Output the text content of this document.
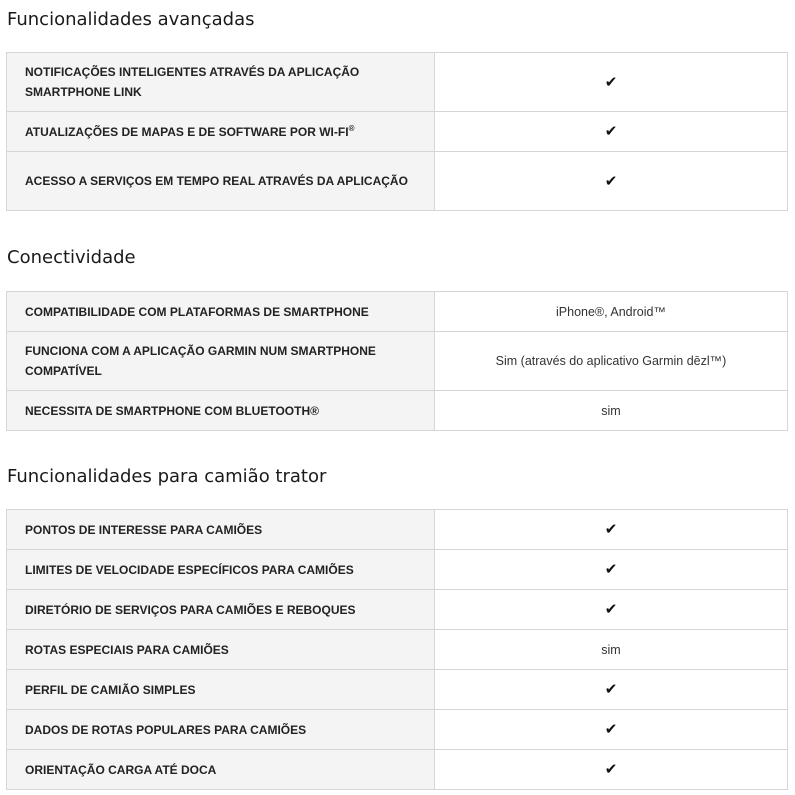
Funcionalidades avançadas
NOTIFICAÇÕES INTELIGENTES ATRAVÉS DA APLICAÇÃO SMARTPHONE LINK	✔
ATUALIZAÇÕES DE MAPAS E DE SOFTWARE POR WI-FI®	✔
ACESSO A SERVIÇOS EM TEMPO REAL ATRAVÉS DA APLICAÇÃO	✔
Conectividade
COMPATIBILIDADE COM PLATAFORMAS DE SMARTPHONE	iPhone®, Android™
FUNCIONA COM A APLICAÇÃO GARMIN NUM SMARTPHONE COMPATÍVEL	Sim (através do aplicativo Garmin dēzl™)
NECESSITA DE SMARTPHONE COM BLUETOOTH®	sim
Funcionalidades para camião trator
PONTOS DE INTERESSE PARA CAMIÕES	✔
LIMITES DE VELOCIDADE ESPECÍFICOS PARA CAMIÕES	✔
DIRETÓRIO DE SERVIÇOS PARA CAMIÕES E REBOQUES	✔
ROTAS ESPECIAIS PARA CAMIÕES	sim
PERFIL DE CAMIÃO SIMPLES	✔
DADOS DE ROTAS POPULARES PARA CAMIÕES	✔
ORIENTAÇÃO CARGA ATÉ DOCA	✔
